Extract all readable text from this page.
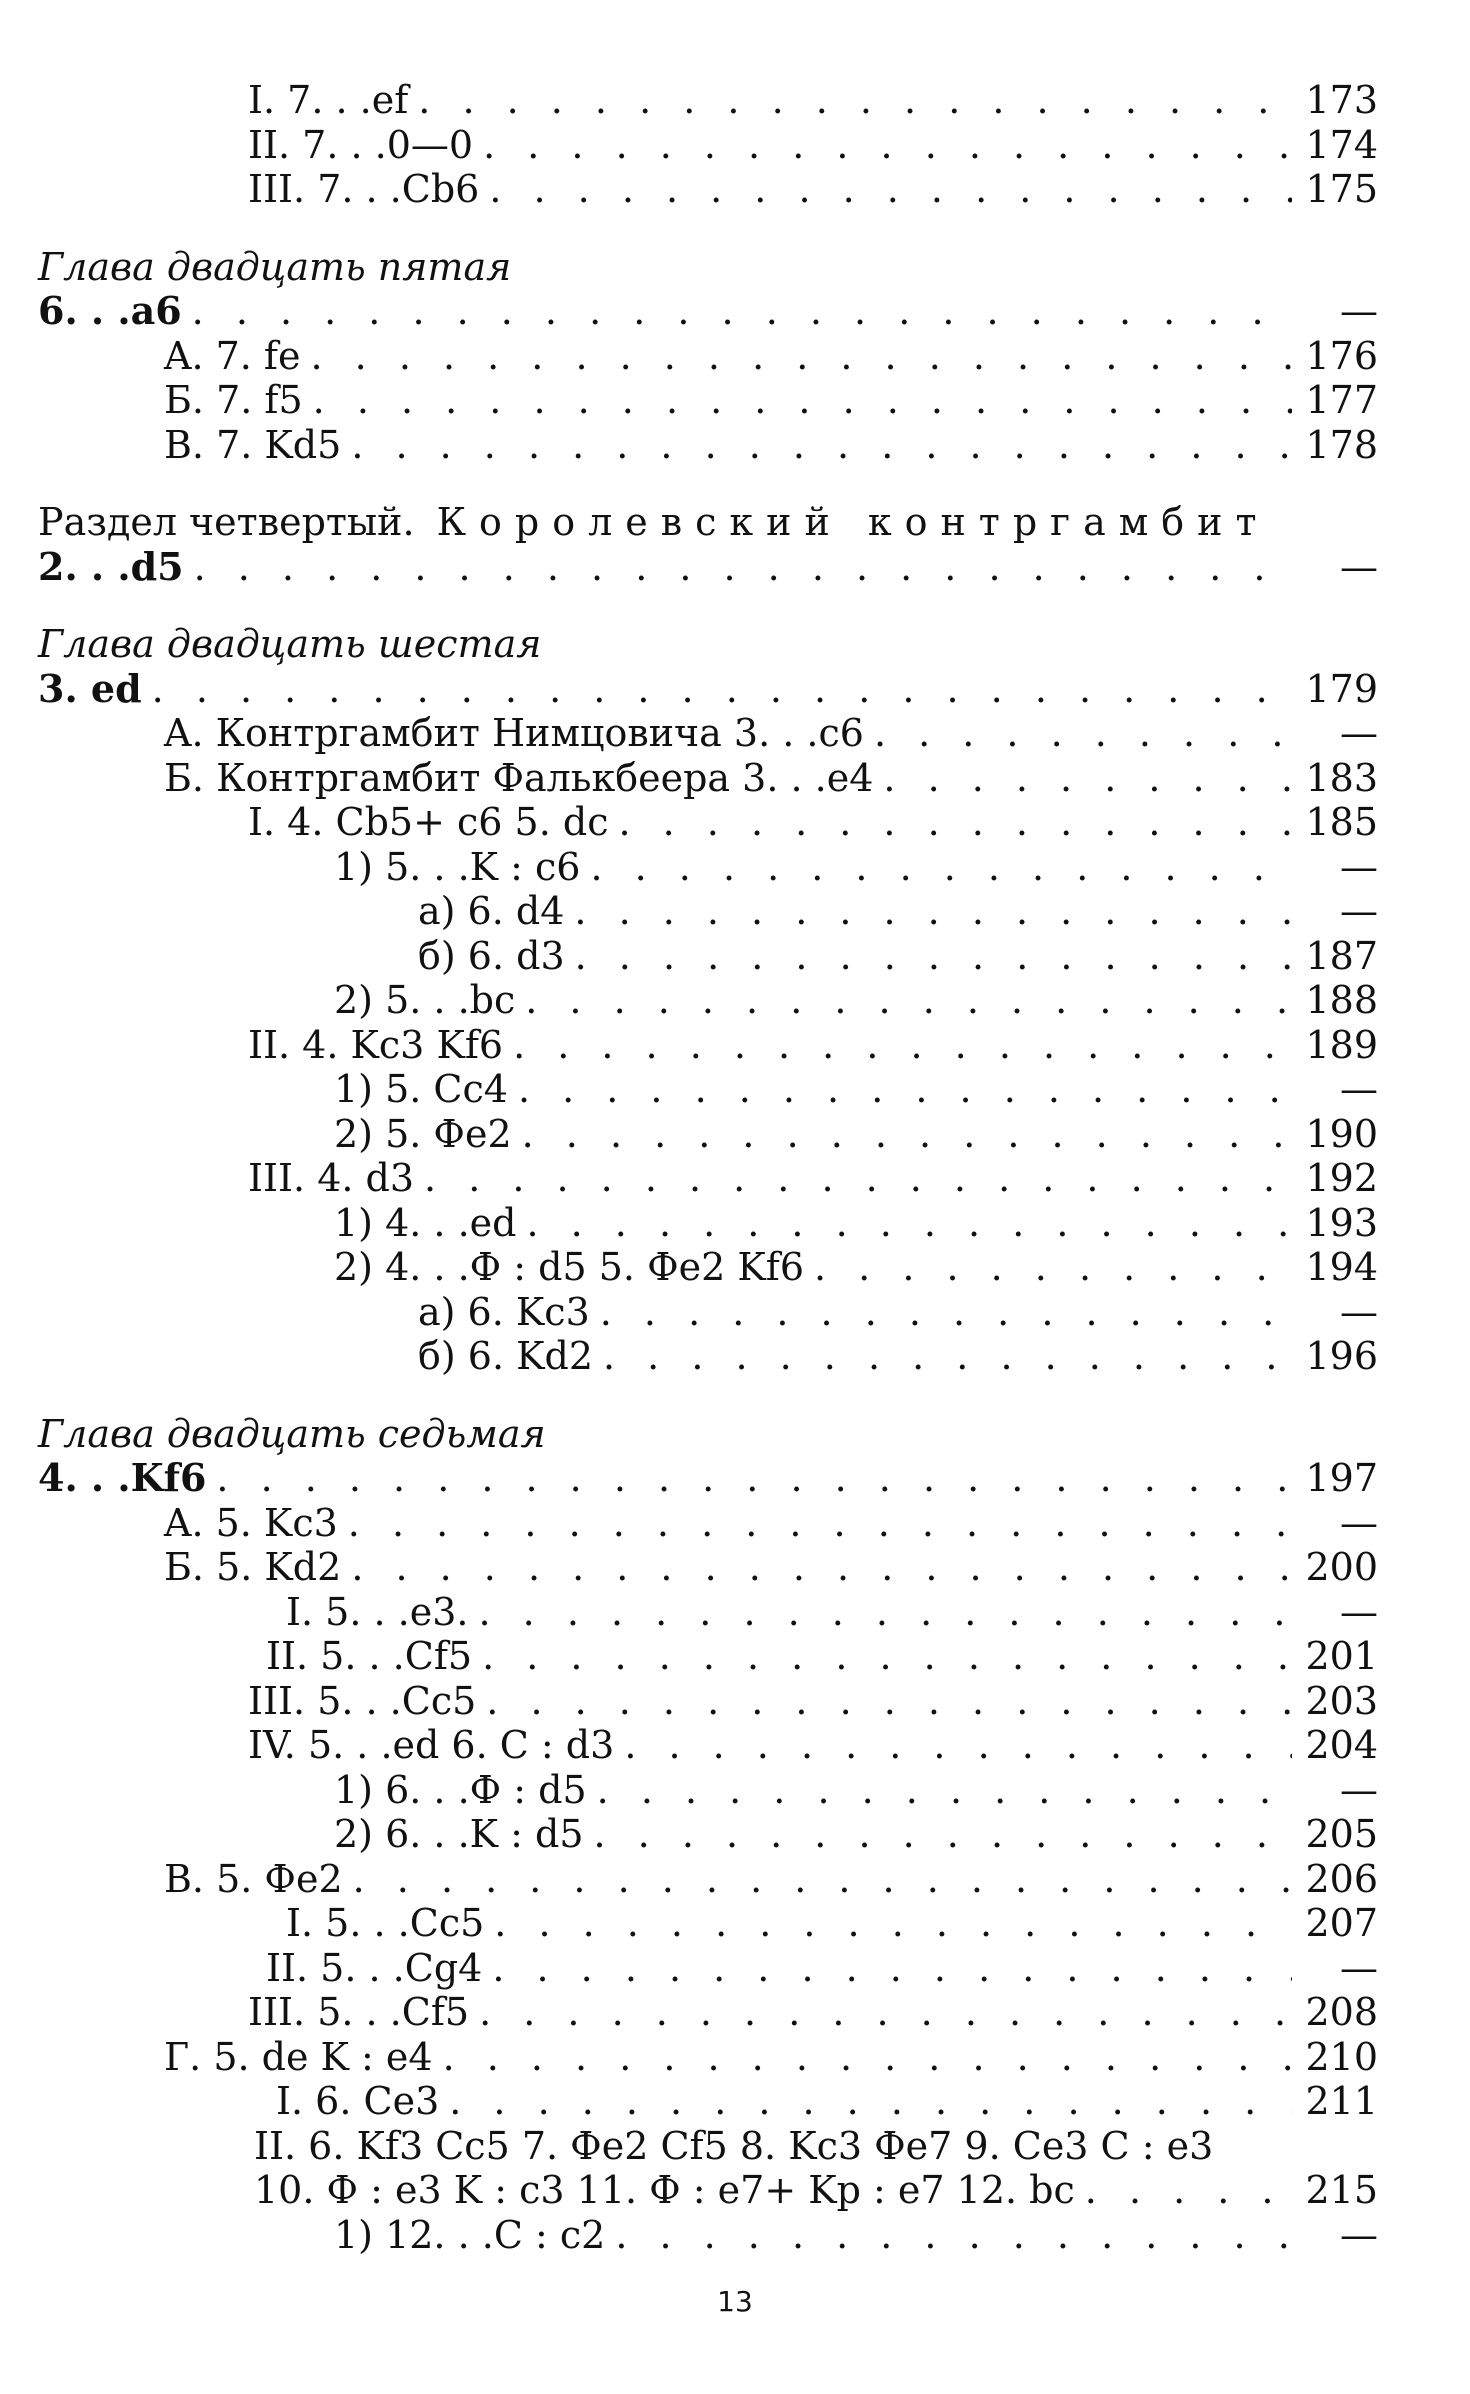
I. 7. . .ef . . .	173
II. 7. . .0—0 . . .	174
III. 7. . .Cb6 . . .	175
Глава двадцать пятая
6. . .a6 . . .	—
A. 7. fe . . .	176
Б. 7. f5 . . .	177
B. 7. Kd5 . . .	178
Раздел четвертый. Королевский контргамбит
2. . .d5 . . .	—
Глава двадцать шестая
3. ed . . .	179
A. Контргамбит Нимцовича 3. . .c6 . . .	—
Б. Контргамбит Фалькбеера 3. . .e4 . . .	183
I. 4. Cb5+ c6 5. dc . . .	185
1) 5. . .K : c6 . . .	—
a) 6. d4 . . .	—
б) 6. d3 . . .	187
2) 5. . .bc . . .	188
II. 4. Kc3 Kf6 . . .	189
1) 5. Cc4 . . .	—
2) 5. Фe2 . . .	190
III. 4. d3 . . .	192
1) 4. . .ed . . .	193
2) 4. . .Ф : d5 5. Фe2 Kf6 . . .	194
a) 6. Kc3 . . .	—
б) 6. Kd2 . . .	196
Глава двадцать седьмая
4. . .Kf6 . . .	197
A. 5. Kc3 . . .	—
Б. 5. Kd2 . . .	200
I. 5. . .e3. . . .	—
II. 5. . .Cf5 . . .	201
III. 5. . .Cc5 . . .	203
IV. 5. . .ed 6. C : d3 . . .	204
1) 6. . .Ф : d5 . . .	—
2) 6. . .K : d5 . . .	205
B. 5. Фe2 . . .	206
I. 5. . .Cc5 . . .	207
II. 5. . .Cg4 . . .	—
III. 5. . .Cf5 . . .	208
Г. 5. de K : e4 . . .	210
I. 6. Ce3 . . .	211
II. 6. Kf3 Cc5 7. Фe2 Cf5 8. Kc3 Фe7 9. Ce3 C : e3
10. Ф : e3 K : c3 11. Ф : e7+ Kp : e7 12. bc . . .	215
1) 12. . .C : c2 . . .	—
13
